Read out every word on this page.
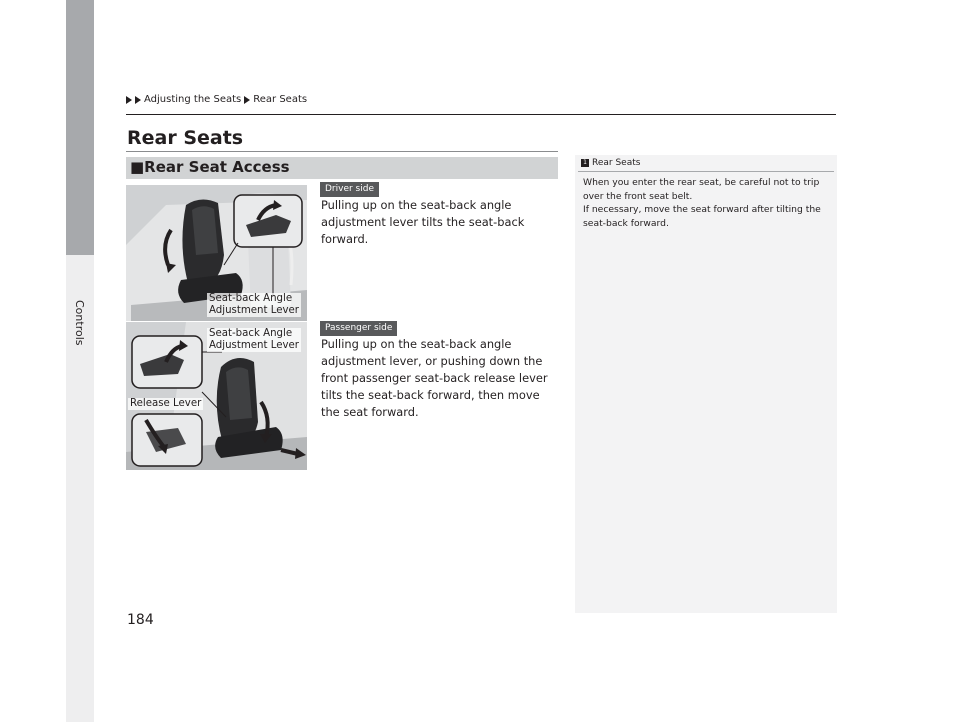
Controls
Adjusting the Seats Rear Seats
Rear Seats
■Rear Seat Access
Seat-back Angle
Adjustment Lever
Driver side
Pulling up on the seat-back angle adjustment lever tilts the seat-back forward.
Seat-back Angle
Adjustment Lever
Release Lever
Passenger side
Pulling up on the seat-back angle adjustment lever, or pushing down the front passenger seat-back release lever tilts the seat-back forward, then move the seat forward.
1 Rear Seats

When you enter the rear seat, be careful not to trip over the front seat belt.

If necessary, move the seat forward after tilting the seat-back forward.

184
